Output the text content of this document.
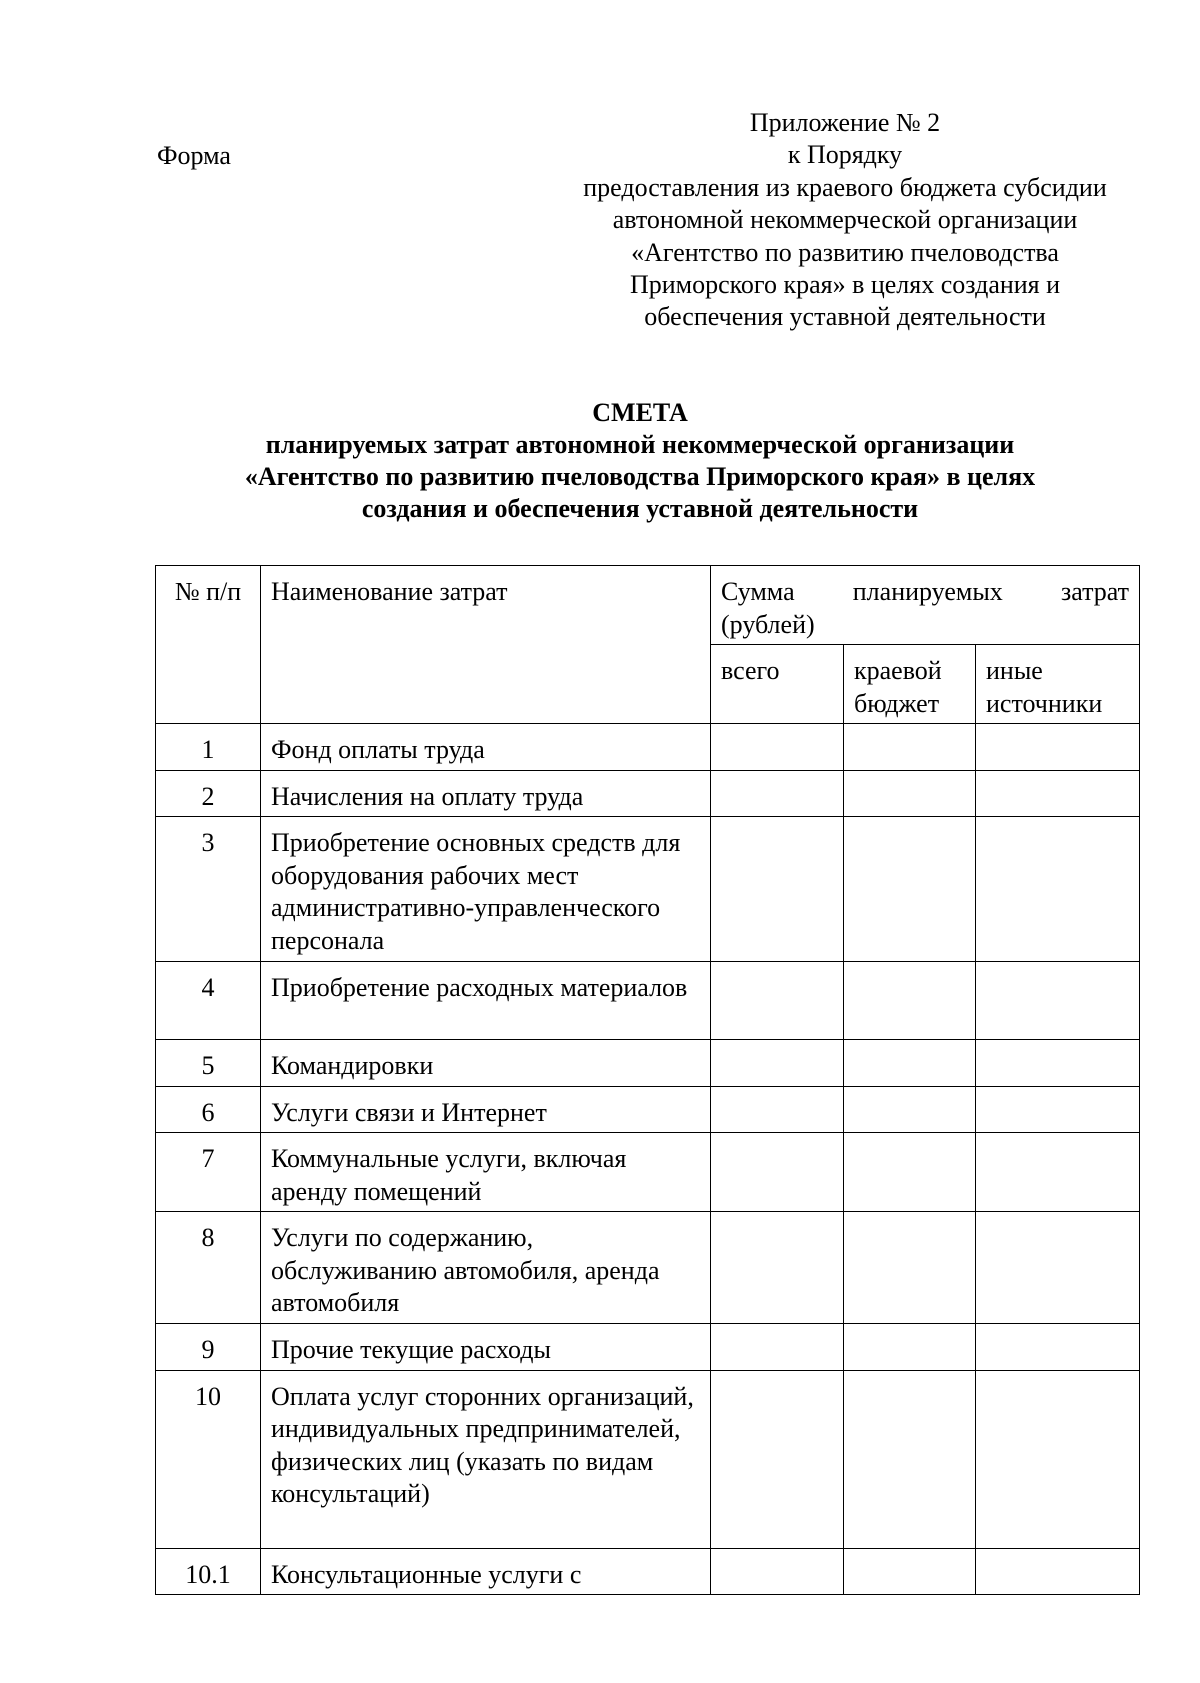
Форма
Приложение № 2
к Порядку
предоставления из краевого бюджета субсидии
автономной некоммерческой организации
«Агентство по развитию пчеловодства
Приморского края» в целях создания и
обеспечения уставной деятельности
СМЕТА
планируемых затрат автономной некоммерческой организации
«Агентство по развитию пчеловодства Приморского края» в целях
создания и обеспечения уставной деятельности
№ п/п	Наименование затрат	Сумма планируемых затрат
(рублей)		

		всего	краевой бюджет	иные источники
1	Фонд оплаты труда			
2	Начисления на оплату труда			
3	Приобретение основных средств для оборудования рабочих мест административно-управленческого персонала			
4	Приобретение расходных материалов			
5	Командировки			
6	Услуги связи и Интернет			
7	Коммунальные услуги, включая аренду помещений			
8	Услуги по содержанию, обслуживанию автомобиля, аренда автомобиля			
9	Прочие текущие расходы			
10	Оплата услуг сторонних организаций, индивидуальных предпринимателей, физических лиц (указать по видам консультаций)			
10.1	Консультационные услуги с			
